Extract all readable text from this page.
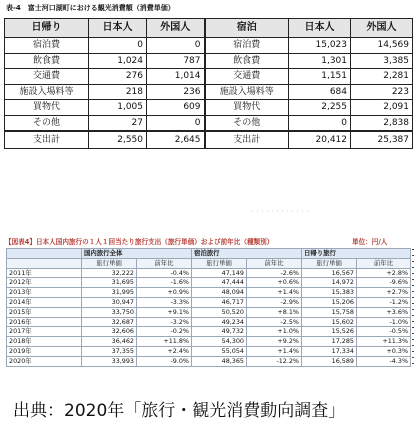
表-4　富士河口湖町における観光消費額（消費単価）
日帰り	日本人	外国人	宿泊	日本人	外国人
宿泊費	0	0	宿泊費	15,023	14,569
飲食費	1,024	787	飲食費	1,301	3,385
交通費	276	1,014	交通費	1,151	2,281
施設入場料等	218	236	施設入場料等	684	223
買物代	1,005	609	買物代	2,255	2,091
その他	27	0	その他	0	2,838
支出計	2,550	2,645	支出計	20,412	25,387
・・・・・・・・・・・・
【図表4】日本人国内旅行の１人１回当たり旅行支出（旅行単価）および前年比（種類別）	単位：円/人
	国内旅行全体		宿泊旅行		日帰り旅行	
	旅行単価	前年比	旅行単価	前年比	旅行単価	前年比
2011年	32,222	-0.4%	47,149	-2.6%	16,567	+2.8%
2012年	31,695	-1.6%	47,444	+0.6%	14,972	-9.6%
2013年	31,995	+0.9%	48,094	+1.4%	15,383	+2.7%
2014年	30,947	-3.3%	46,717	-2.9%	15,206	-1.2%
2015年	33,750	+9.1%	50,520	+8.1%	15,758	+3.6%
2016年	32,687	-3.2%	49,234	-2.5%	15,602	-1.0%
2017年	32,606	-0.2%	49,732	+1.0%	15,526	-0.5%
2018年	36,462	+11.8%	54,300	+9.2%	17,285	+11.3%
2019年	37,355	+2.4%	55,054	+1.4%	17,334	+0.3%
2020年	33,993	-9.0%	48,365	-12.2%	16,589	-4.3%
出典：2020年「旅行・観光消費動向調査」
